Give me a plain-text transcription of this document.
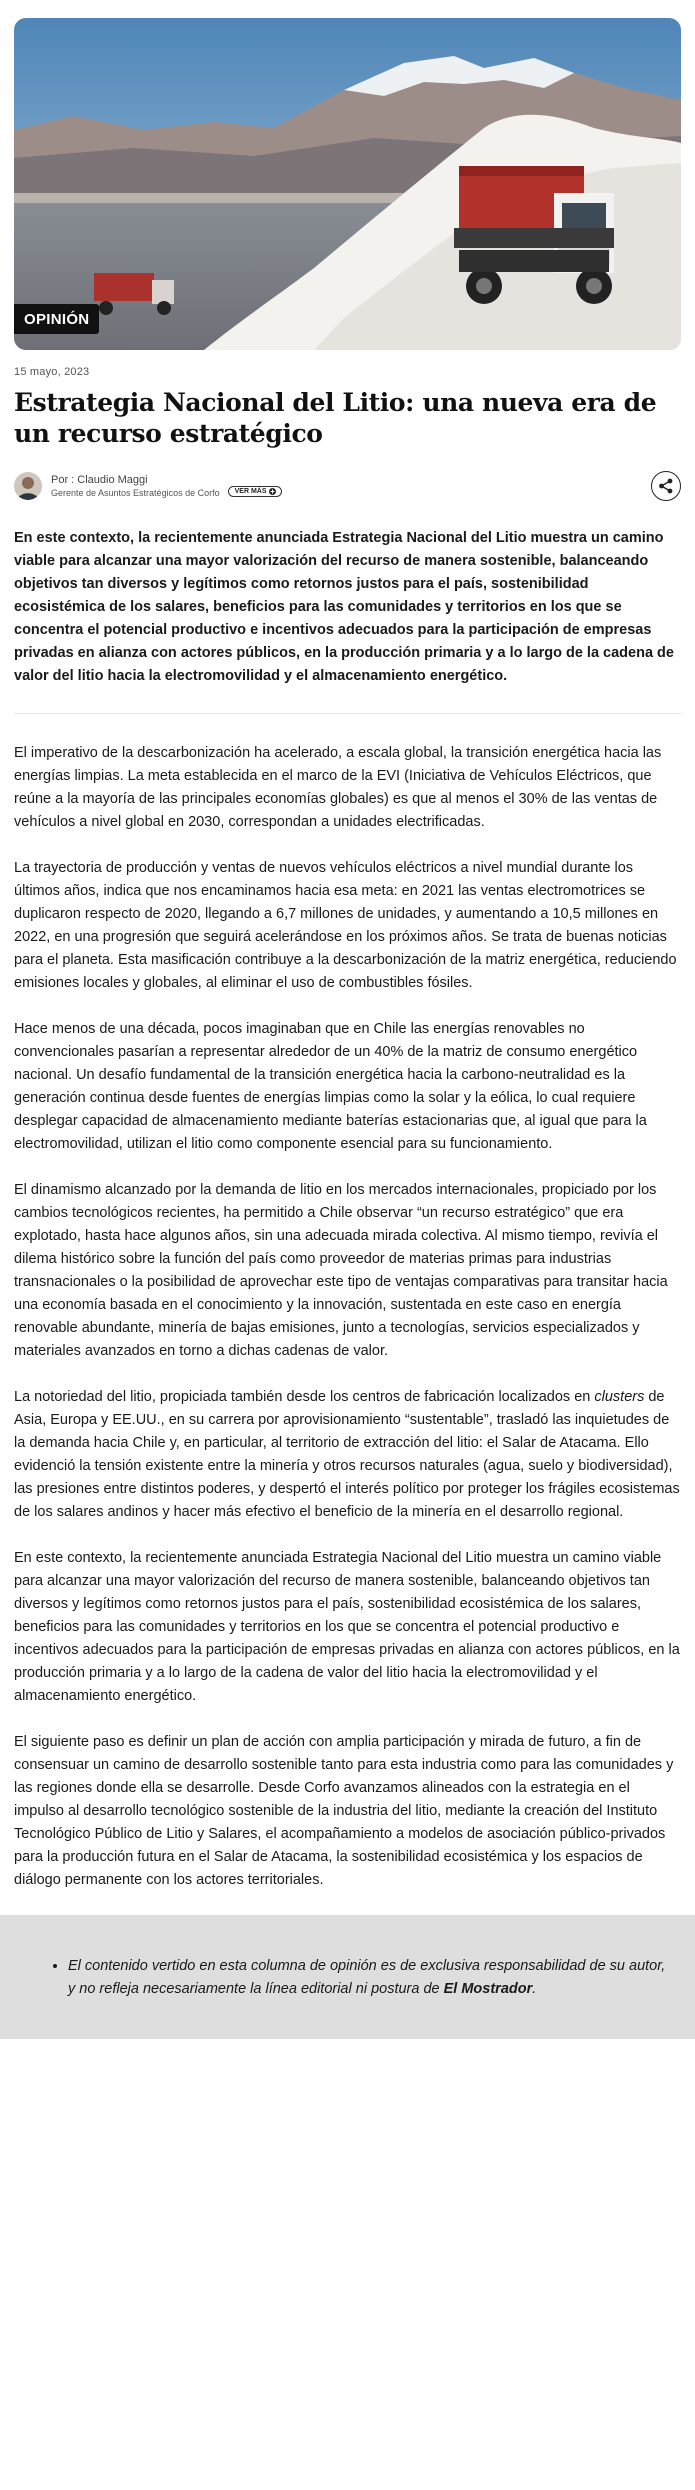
OPINIÓN
15 mayo, 2023
Estrategia Nacional del Litio: una nueva era de un recurso estratégico
Por : Claudio Maggi
Gerente de Asuntos Estratégicos de Corfo VER MÁS

En este contexto, la recientemente anunciada Estrategia Nacional del Litio muestra un camino viable para alcanzar una mayor valorización del recurso de manera sostenible, balanceando objetivos tan diversos y legítimos como retornos justos para el país, sostenibilidad ecosistémica de los salares, beneficios para las comunidades y territorios en los que se concentra el potencial productivo e incentivos adecuados para la participación de empresas privadas en alianza con actores públicos, en la producción primaria y a lo largo de la cadena de valor del litio hacia la electromovilidad y el almacenamiento energético.

El imperativo de la descarbonización ha acelerado, a escala global, la transición energética hacia las energías limpias. La meta establecida en el marco de la EVI (Iniciativa de Vehículos Eléctricos, que reúne a la mayoría de las principales economías globales) es que al menos el 30% de las ventas de vehículos a nivel global en 2030, correspondan a unidades electrificadas.

La trayectoria de producción y ventas de nuevos vehículos eléctricos a nivel mundial durante los últimos años, indica que nos encaminamos hacia esa meta: en 2021 las ventas electromotrices se duplicaron respecto de 2020, llegando a 6,7 millones de unidades, y aumentando a 10,5 millones en 2022, en una progresión que seguirá acelerándose en los próximos años. Se trata de buenas noticias para el planeta. Esta masificación contribuye a la descarbonización de la matriz energética, reduciendo emisiones locales y globales, al eliminar el uso de combustibles fósiles.

Hace menos de una década, pocos imaginaban que en Chile las energías renovables no convencionales pasarían a representar alrededor de un 40% de la matriz de consumo energético nacional. Un desafío fundamental de la transición energética hacia la carbono-neutralidad es la generación continua desde fuentes de energías limpias como la solar y la eólica, lo cual requiere desplegar capacidad de almacenamiento mediante baterías estacionarias que, al igual que para la electromovilidad, utilizan el litio como componente esencial para su funcionamiento.

El dinamismo alcanzado por la demanda de litio en los mercados internacionales, propiciado por los cambios tecnológicos recientes, ha permitido a Chile observar “un recurso estratégico” que era explotado, hasta hace algunos años, sin una adecuada mirada colectiva. Al mismo tiempo, revivía el dilema histórico sobre la función del país como proveedor de materias primas para industrias transnacionales o la posibilidad de aprovechar este tipo de ventajas comparativas para transitar hacia una economía basada en el conocimiento y la innovación, sustentada en este caso en energía renovable abundante, minería de bajas emisiones, junto a tecnologías, servicios especializados y materiales avanzados en torno a dichas cadenas de valor.

La notoriedad del litio, propiciada también desde los centros de fabricación localizados en clusters de Asia, Europa y EE.UU., en su carrera por aprovisionamiento “sustentable”, trasladó las inquietudes de la demanda hacia Chile y, en particular, al territorio de extracción del litio: el Salar de Atacama. Ello evidenció la tensión existente entre la minería y otros recursos naturales (agua, suelo y biodiversidad), las presiones entre distintos poderes, y despertó el interés político por proteger los frágiles ecosistemas de los salares andinos y hacer más efectivo el beneficio de la minería en el desarrollo regional.

En este contexto, la recientemente anunciada Estrategia Nacional del Litio muestra un camino viable para alcanzar una mayor valorización del recurso de manera sostenible, balanceando objetivos tan diversos y legítimos como retornos justos para el país, sostenibilidad ecosistémica de los salares, beneficios para las comunidades y territorios en los que se concentra el potencial productivo e incentivos adecuados para la participación de empresas privadas en alianza con actores públicos, en la producción primaria y a lo largo de la cadena de valor del litio hacia la electromovilidad y el almacenamiento energético.

El siguiente paso es definir un plan de acción con amplia participación y mirada de futuro, a fin de consensuar un camino de desarrollo sostenible tanto para esta industria como para las comunidades y las regiones donde ella se desarrolle. Desde Corfo avanzamos alineados con la estrategia en el impulso al desarrollo tecnológico sostenible de la industria del litio, mediante la creación del Instituto Tecnológico Público de Litio y Salares, el acompañamiento a modelos de asociación público-privados para la producción futura en el Salar de Atacama, la sostenibilidad ecosistémica y los espacios de diálogo permanente con los actores territoriales.

• El contenido vertido en esta columna de opinión es de exclusiva responsabilidad de su autor, y no refleja necesariamente la línea editorial ni postura de El Mostrador.
